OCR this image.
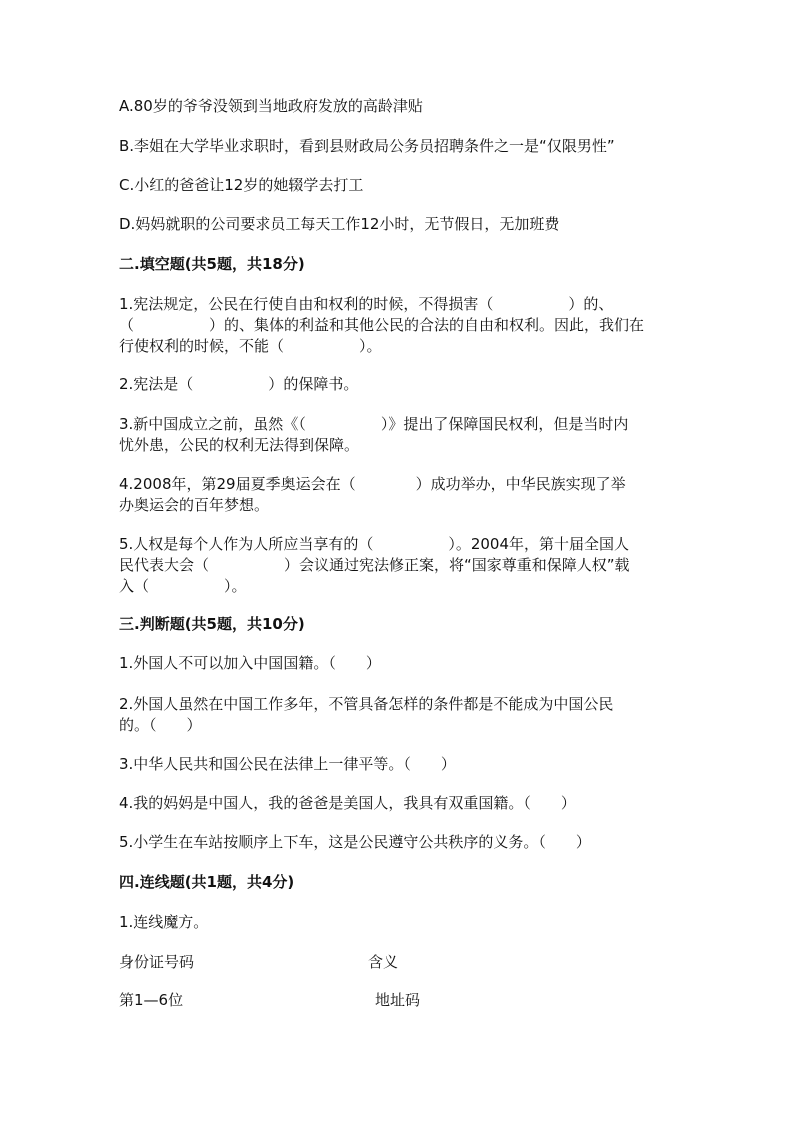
A.80岁的爷爷没领到当地政府发放的高龄津贴
B.李姐在大学毕业求职时，看到县财政局公务员招聘条件之一是“仅限男性”
C.小红的爸爸让12岁的她辍学去打工
D.妈妈就职的公司要求员工每天工作12小时，无节假日，无加班费
二.填空题(共5题，共18分)
1.宪法规定，公民在行使自由和权利的时候，不得损害（　　　　　）的、
（　　　　　）的、集体的利益和其他公民的合法的自由和权利。因此，我们在
行使权利的时候，不能（　　　　　）。
2.宪法是（　　　　　）的保障书。
3.新中国成立之前，虽然《（　　　　　）》提出了保障国民权利，但是当时内
忧外患，公民的权利无法得到保障。
4.2008年，第29届夏季奥运会在（　　　　）成功举办，中华民族实现了举
办奥运会的百年梦想。
5.人权是每个人作为人所应当享有的（　　　　　）。2004年，第十届全国人
民代表大会（　　　　　）会议通过宪法修正案，将“国家尊重和保障人权”载
入（　　　　　）。
三.判断题(共5题，共10分)
1.外国人不可以加入中国国籍。（　　）
2.外国人虽然在中国工作多年，不管具备怎样的条件都是不能成为中国公民
的。（　　）
3.中华人民共和国公民在法律上一律平等。（　　）
4.我的妈妈是中国人，我的爸爸是美国人，我具有双重国籍。（　　）
5.小学生在车站按顺序上下车，这是公民遵守公共秩序的义务。（　　）
四.连线题(共1题，共4分)
1.连线魔方。
身份证号码	含义
第1—6位	地址码
